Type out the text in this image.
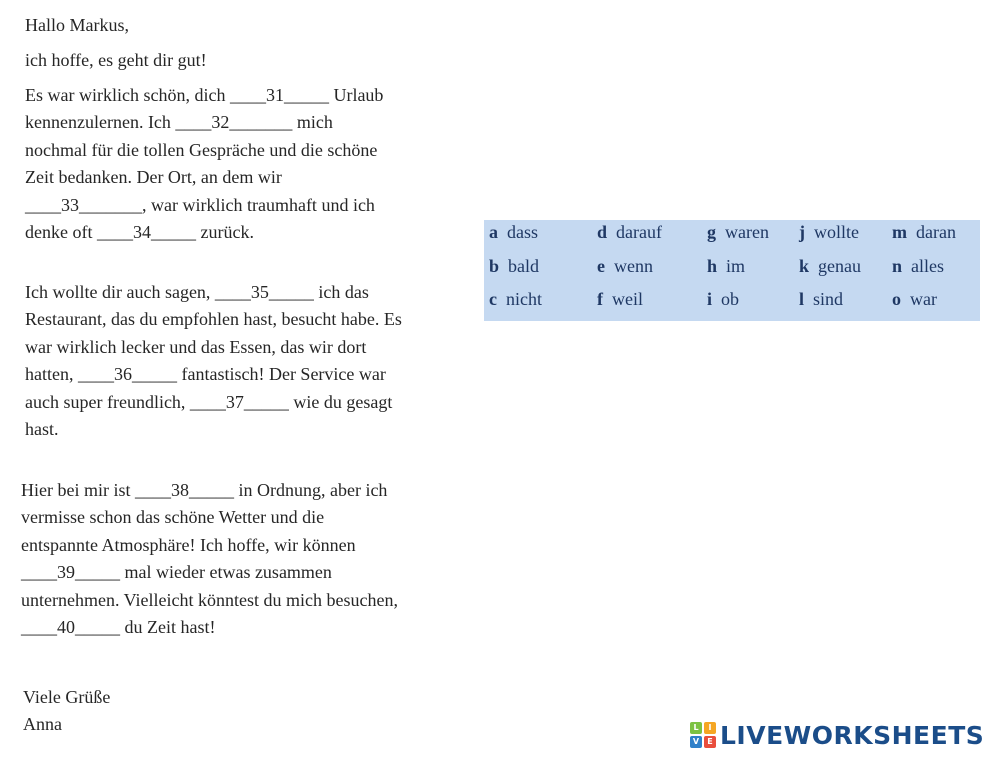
Hallo Markus,
ich hoffe, es geht dir gut!
Es war wirklich schön, dich ____31_____ Urlaub
kennenzulernen. Ich ____32_______ mich
nochmal für die tollen Gespräche und die schöne
Zeit bedanken. Der Ort, an dem wir
____33_______, war wirklich traumhaft und ich
denke oft ____34_____ zurück.
Ich wollte dir auch sagen, ____35_____ ich das
Restaurant, das du empfohlen hast, besucht habe. Es
war wirklich lecker und das Essen, das wir dort
hatten, ____36_____ fantastisch! Der Service war
auch super freundlich, ____37_____ wie du gesagt
hast.
Hier bei mir ist ____38_____ in Ordnung, aber ich
vermisse schon das schöne Wetter und die
entspannte Atmosphäre! Ich hoffe, wir können
____39_____ mal wieder etwas zusammen
unternehmen. Vielleicht könntest du mich besuchen,
____40_____ du Zeit hast!
Viele Grüße
Anna
a dass
b bald
c nicht
d darauf
e wenn
f weil
g waren
h im
i ob
j wollte
k genau
l sind
m daran
n alles
o war
L	I
V	E LIVEWORKSHEETS
